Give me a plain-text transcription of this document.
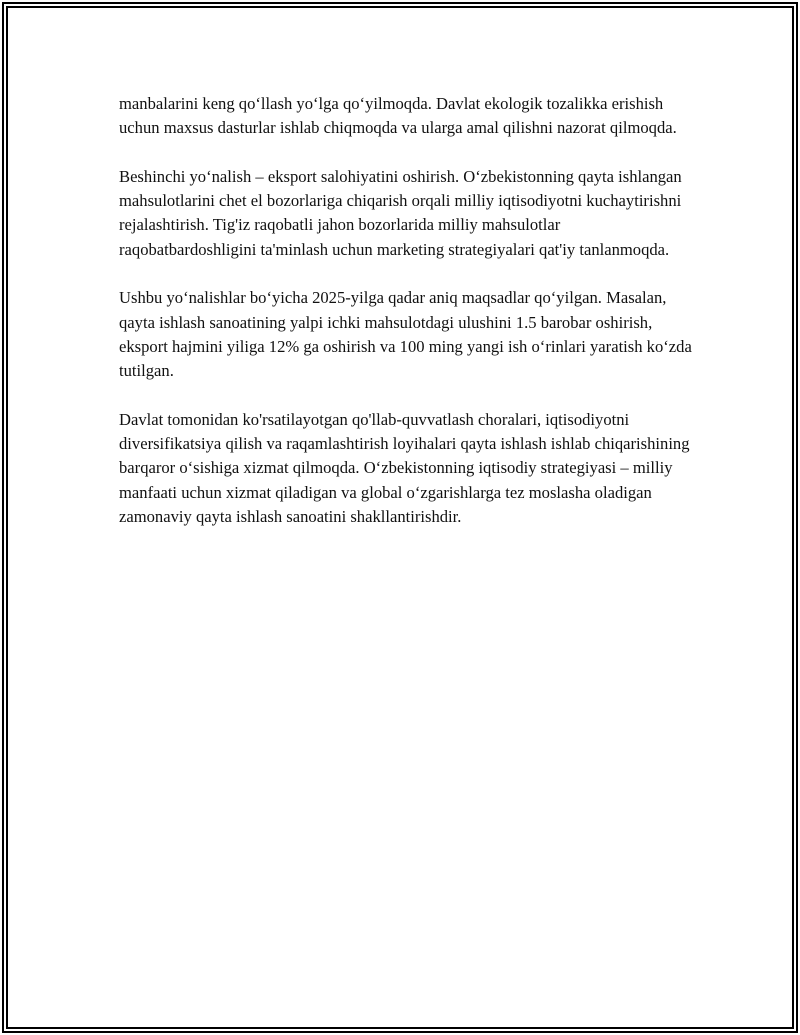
manbalarini keng qo‘llash yo‘lga qo‘yilmoqda. Davlat ekologik tozalikka erishish uchun maxsus dasturlar ishlab chiqmoqda va ularga amal qilishni nazorat qilmoqda.

Beshinchi yo‘nalish – eksport salohiyatini oshirish. O‘zbekistonning qayta ishlangan mahsulotlarini chet el bozorlariga chiqarish orqali milliy iqtisodiyotni kuchaytirishni rejalashtirish. Tig'iz raqobatli jahon bozorlarida milliy mahsulotlar raqobatbardoshligini ta'minlash uchun marketing strategiyalari qat'iy tanlanmoqda.

Ushbu yo‘nalishlar bo‘yicha 2025-yilga qadar aniq maqsadlar qo‘yilgan. Masalan, qayta ishlash sanoatining yalpi ichki mahsulotdagi ulushini 1.5 barobar oshirish, eksport hajmini yiliga 12% ga oshirish va 100 ming yangi ish o‘rinlari yaratish ko‘zda tutilgan.

Davlat tomonidan ko'rsatilayotgan qo'llab-quvvatlash choralari, iqtisodiyotni diversifikatsiya qilish va raqamlashtirish loyihalari qayta ishlash ishlab chiqarishining barqaror o‘sishiga xizmat qilmoqda. O‘zbekistonning iqtisodiy strategiyasi – milliy manfaati uchun xizmat qiladigan va global o‘zgarishlarga tez moslasha oladigan zamonaviy qayta ishlash sanoatini shakllantirishdir.
